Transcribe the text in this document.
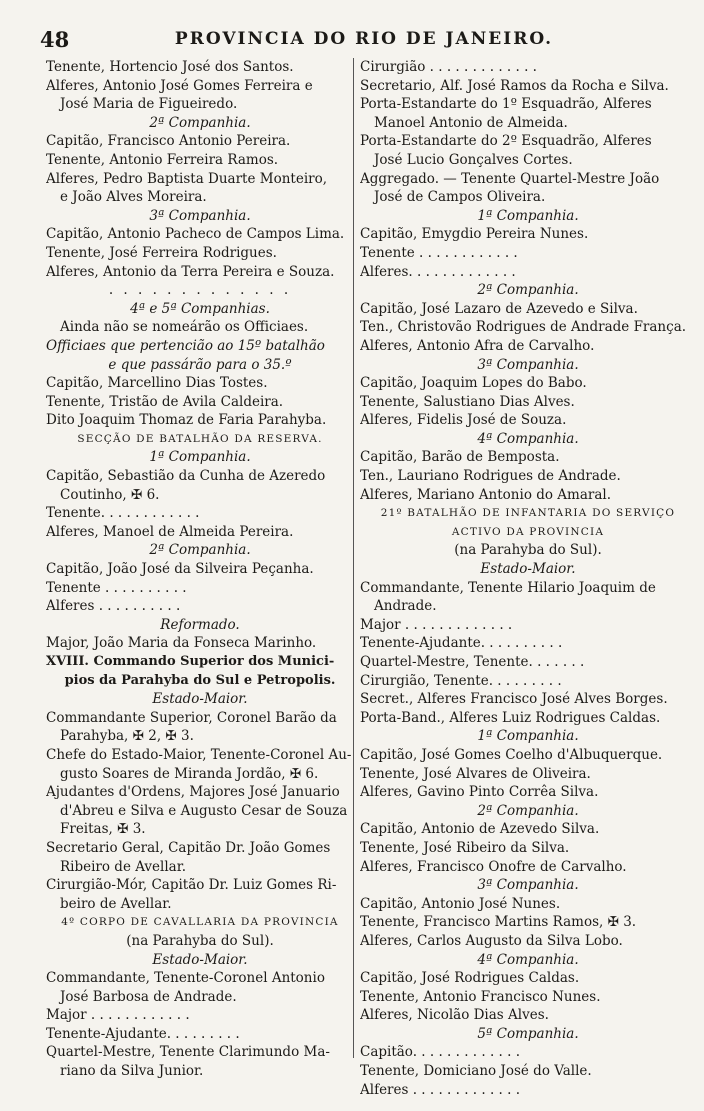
48	PROVINCIA DO RIO DE JANEIRO.
Tenente, Hortencio José dos Santos.
Alferes, Antonio José Gomes Ferreira e
José Maria de Figueiredo.
2ª Companhia.
Capitão, Francisco Antonio Pereira.
Tenente, Antonio Ferreira Ramos.
Alferes, Pedro Baptista Duarte Monteiro,
e João Alves Moreira.
3ª Companhia.
Capitão, Antonio Pacheco de Campos Lima.
Tenente, José Ferreira Rodrigues.
Alferes, Antonio da Terra Pereira e Souza.
. . . . . . . . . . . . .
4ª e 5ª Companhias.
Ainda não se nomeárão os Officiaes.
Officiaes que pertencião ao 15º batalhão
e que passárão para o 35.º
Capitão, Marcellino Dias Tostes.
Tenente, Tristão de Avila Caldeira.
Dito Joaquim Thomaz de Faria Parahyba.
SECÇÃO DE BATALHÃO DA RESERVA.
1ª Companhia.
Capitão, Sebastião da Cunha de Azeredo
Coutinho, ✠ 6.
Tenente. . . . . . . . . . . .
Alferes, Manoel de Almeida Pereira.
2ª Companhia.
Capitão, João José da Silveira Peçanha.
Tenente . . . . . . . . . .
Alferes . . . . . . . . . .
Reformado.
Major, João Maria da Fonseca Marinho.
XVIII. Commando Superior dos Munici-
pios da Parahyba do Sul e Petropolis.
Estado-Maior.
Commandante Superior, Coronel Barão da
Parahyba, ✠ 2, ✠ 3.
Chefe do Estado-Maior, Tenente-Coronel Au-
gusto Soares de Miranda Jordão, ✠ 6.
Ajudantes d'Ordens, Majores José Januario
d'Abreu e Silva e Augusto Cesar de Souza
Freitas, ✠ 3.
Secretario Geral, Capitão Dr. João Gomes
Ribeiro de Avellar.
Cirurgião-Mór, Capitão Dr. Luiz Gomes Ri-
beiro de Avellar.
4º CORPO DE CAVALLARIA DA PROVINCIA
(na Parahyba do Sul).
Estado-Maior.
Commandante, Tenente-Coronel Antonio
José Barbosa de Andrade.
Major . . . . . . . . . . . .
Tenente-Ajudante. . . . . . . . .
Quartel-Mestre, Tenente Clarimundo Ma-
riano da Silva Junior.
Cirurgião . . . . . . . . . . . . .
Secretario, Alf. José Ramos da Rocha e Silva.
Porta-Estandarte do 1º Esquadrão, Alferes
Manoel Antonio de Almeida.
Porta-Estandarte do 2º Esquadrão, Alferes
José Lucio Gonçalves Cortes.
Aggregado. — Tenente Quartel-Mestre João
José de Campos Oliveira.
1ª Companhia.
Capitão, Emygdio Pereira Nunes.
Tenente . . . . . . . . . . . .
Alferes. . . . . . . . . . . . .
2ª Companhia.
Capitão, José Lazaro de Azevedo e Silva.
Ten., Christovão Rodrigues de Andrade França.
Alferes, Antonio Afra de Carvalho.
3ª Companhia.
Capitão, Joaquim Lopes do Babo.
Tenente, Salustiano Dias Alves.
Alferes, Fidelis José de Souza.
4ª Companhia.
Capitão, Barão de Bemposta.
Ten., Lauriano Rodrigues de Andrade.
Alferes, Mariano Antonio do Amaral.
21º BATALHÃO DE INFANTARIA DO SERVIÇO
ACTIVO DA PROVINCIA
(na Parahyba do Sul).
Estado-Maior.
Commandante, Tenente Hilario Joaquim de
Andrade.
Major . . . . . . . . . . . . .
Tenente-Ajudante. . . . . . . . . .
Quartel-Mestre, Tenente. . . . . . .
Cirurgião, Tenente. . . . . . . . .
Secret., Alferes Francisco José Alves Borges.
Porta-Band., Alferes Luiz Rodrigues Caldas.
1ª Companhia.
Capitão, José Gomes Coelho d'Albuquerque.
Tenente, José Alvares de Oliveira.
Alferes, Gavino Pinto Corrêa Silva.
2ª Companhia.
Capitão, Antonio de Azevedo Silva.
Tenente, José Ribeiro da Silva.
Alferes, Francisco Onofre de Carvalho.
3ª Companhia.
Capitão, Antonio José Nunes.
Tenente, Francisco Martins Ramos, ✠ 3.
Alferes, Carlos Augusto da Silva Lobo.
4ª Companhia.
Capitão, José Rodrigues Caldas.
Tenente, Antonio Francisco Nunes.
Alferes, Nicolão Dias Alves.
5ª Companhia.
Capitão. . . . . . . . . . . . .
Tenente, Domiciano José do Valle.
Alferes . . . . . . . . . . . . .
